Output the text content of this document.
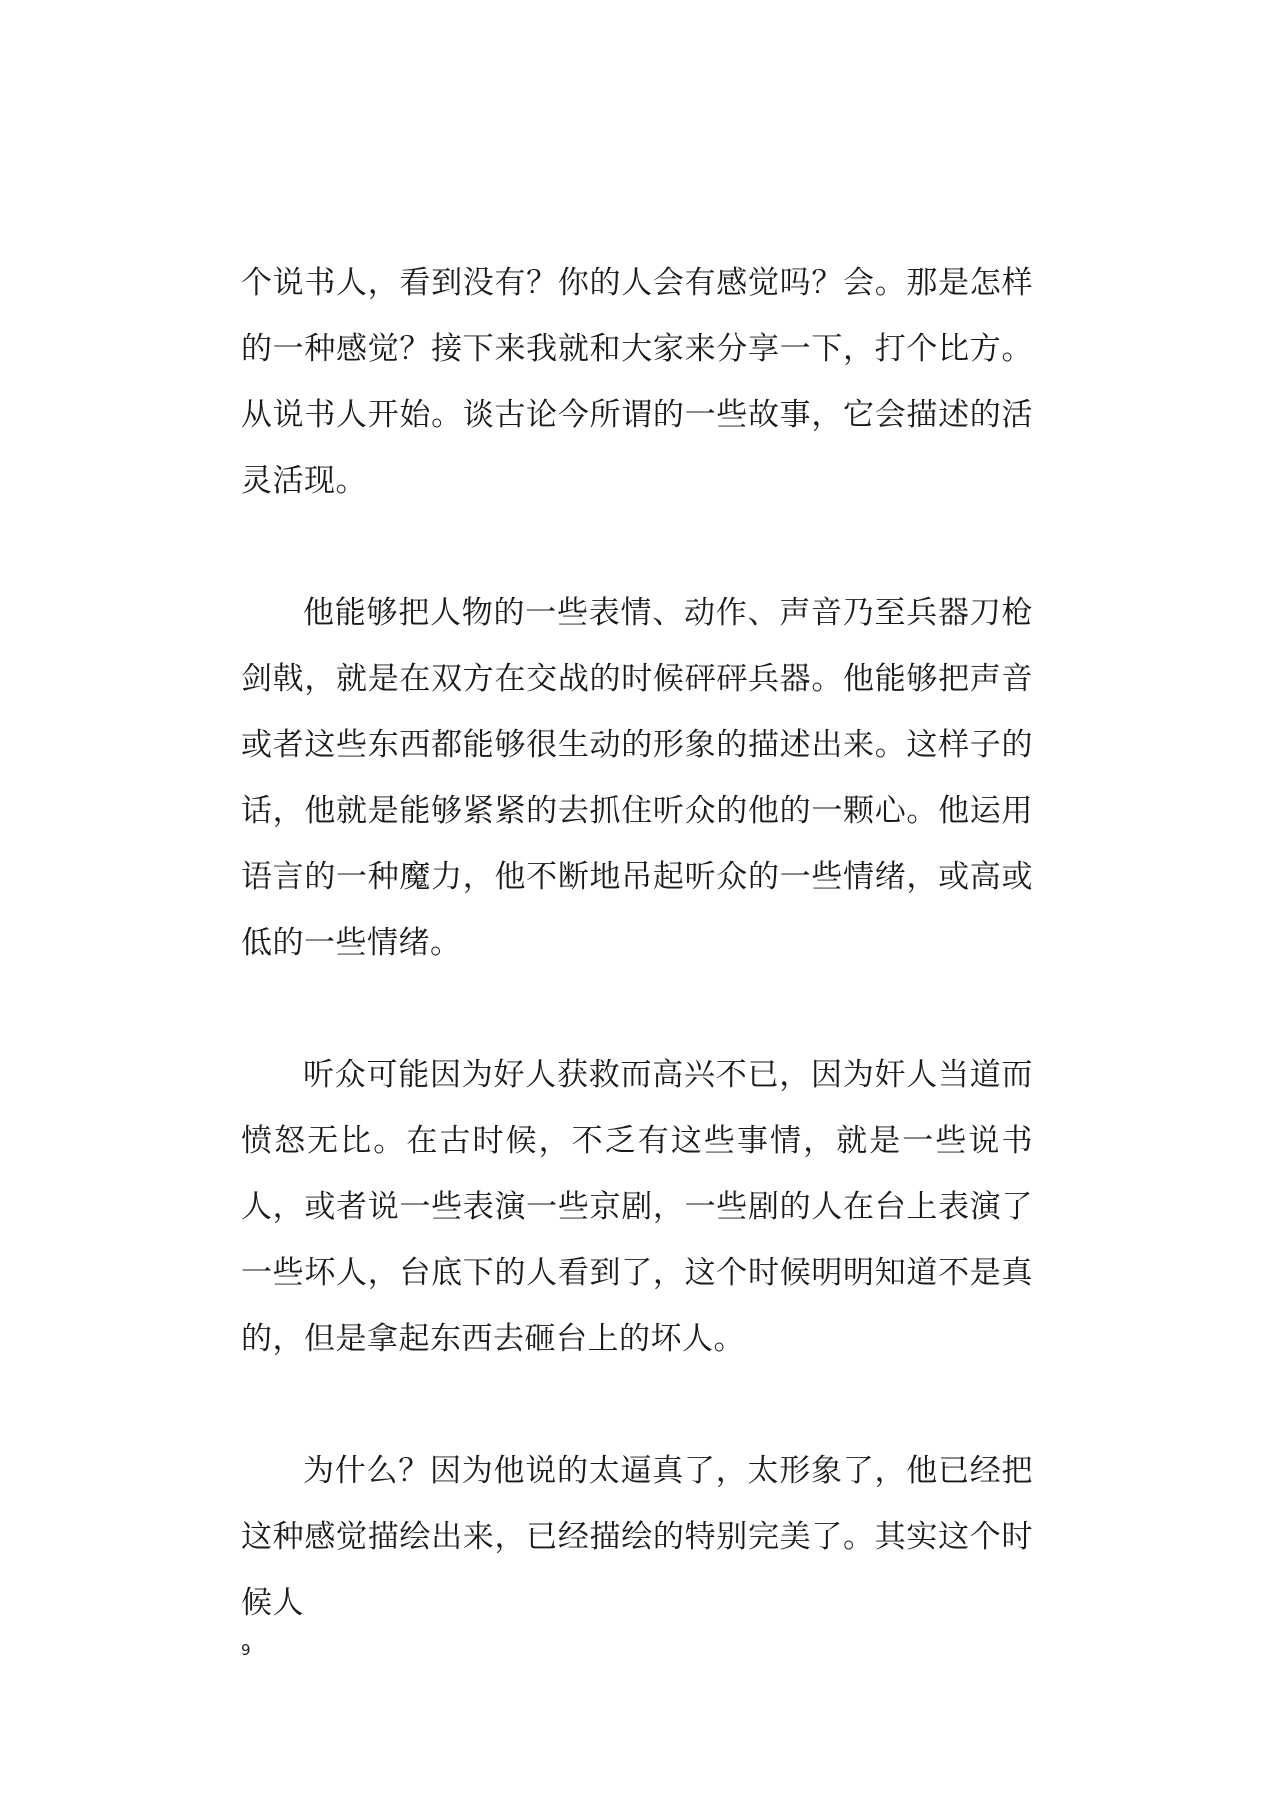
个说书人，看到没有？你的人会有感觉吗？会。那是怎样的一种感觉？接下来我就和大家来分享一下，打个比方。从说书人开始。谈古论今所谓的一些故事，它会描述的活灵活现。

他能够把人物的一些表情、动作、声音乃至兵器刀枪剑戟，就是在双方在交战的时候砰砰兵器。他能够把声音或者这些东西都能够很生动的形象的描述出来。这样子的话，他就是能够紧紧的去抓住听众的他的一颗心。他运用语言的一种魔力，他不断地吊起听众的一些情绪，或高或低的一些情绪。

听众可能因为好人获救而高兴不已，因为奸人当道而愤怒无比。在古时候，不乏有这些事情，就是一些说书人，或者说一些表演一些京剧，一些剧的人在台上表演了一些坏人，台底下的人看到了，这个时候明明知道不是真的，但是拿起东西去砸台上的坏人。

为什么？因为他说的太逼真了，太形象了，他已经把这种感觉描绘出来，已经描绘的特别完美了。其实这个时候人

9
